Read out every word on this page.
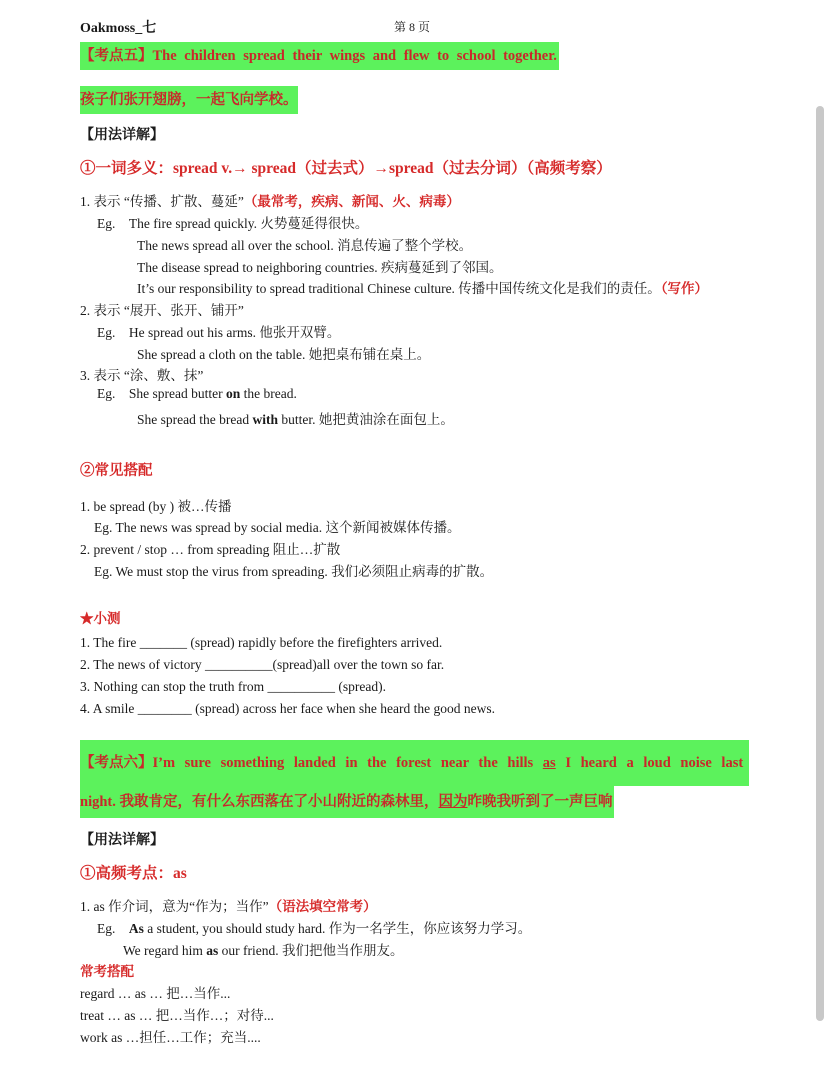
Oakmoss_七	第 8 页
【考点五】The children spread their wings and flew to school together.
孩子们张开翅膀，一起飞向学校。
【用法详解】
①一词多义：spread v.→ spread（过去式）→spread（过去分词）（高频考察）
1. 表示 “传播、扩散、蔓延”（最常考，疾病、新闻、火、病毒）
Eg. The fire spread quickly. 火势蔓延得很快。
The news spread all over the school. 消息传遍了整个学校。
The disease spread to neighboring countries. 疾病蔓延到了邻国。
It’s our responsibility to spread traditional Chinese culture. 传播中国传统文化是我们的责任。（写作）
2. 表示 “展开、张开、铺开”
Eg. He spread out his arms. 他张开双臂。
She spread a cloth on the table. 她把桌布铺在桌上。
3. 表示 “涂、敷、抹”
Eg. She spread butter on the bread.
She spread the bread with butter. 她把黄油涂在面包上。
②常见搭配
1. be spread (by ) 被…传播
Eg. The news was spread by social media. 这个新闻被媒体传播。
2. prevent / stop … from spreading 阻止…扩散
Eg. We must stop the virus from spreading. 我们必须阻止病毒的扩散。
★小测
1. The fire _______ (spread) rapidly before the firefighters arrived.
2. The news of victory __________(spread)all over the town so far.
3. Nothing can stop the truth from __________ (spread).
4. A smile ________ (spread) across her face when she heard the good news.
【考点六】I’m sure something landed in the forest near the hills as I heard a loud noise last
night. 我敢肯定，有什么东西落在了小山附近的森林里，因为昨晚我听到了一声巨响
【用法详解】
①高频考点：as
1. as 作介词，意为“作为；当作”（语法填空常考）
Eg. As a student, you should study hard. 作为一名学生，你应该努力学习。
We regard him as our friend. 我们把他当作朋友。
常考搭配
regard … as … 把…当作...
treat … as … 把…当作…；对待...
work as …担任…工作；充当....
